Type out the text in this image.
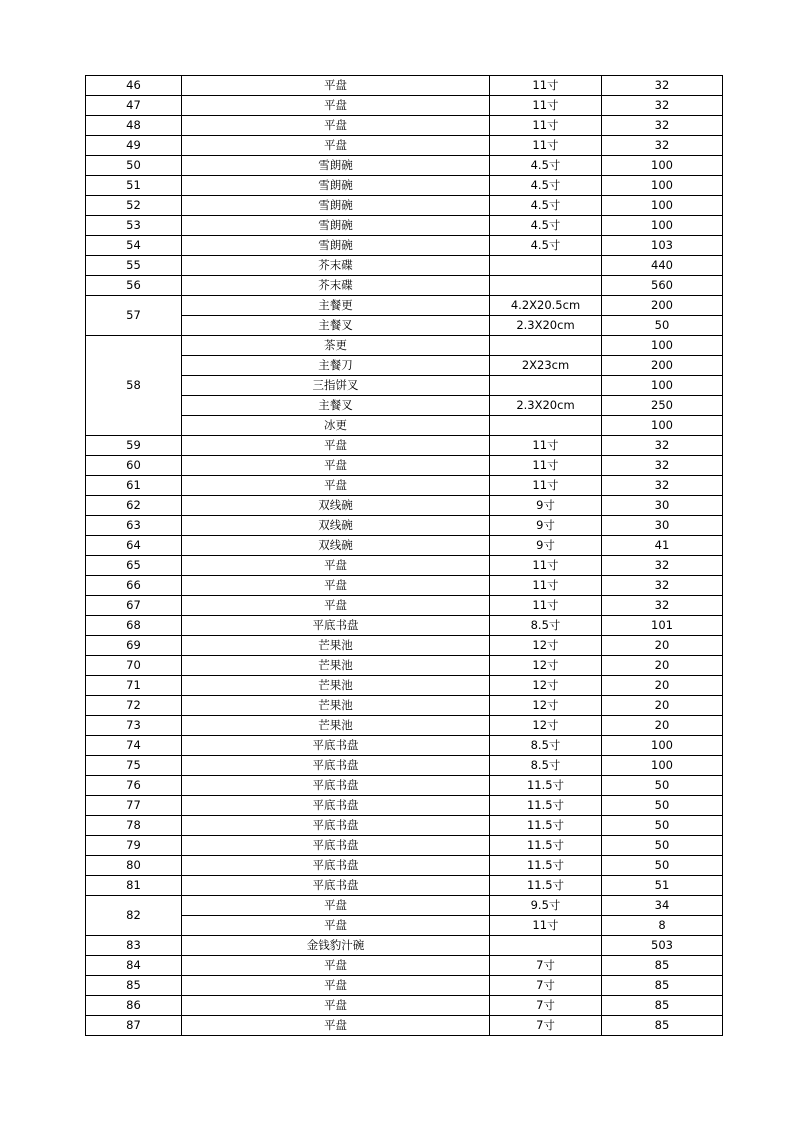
46	平盘	11寸	32
47	平盘	11寸	32
48	平盘	11寸	32
49	平盘	11寸	32
50	雪朗碗	4.5寸	100
51	雪朗碗	4.5寸	100
52	雪朗碗	4.5寸	100
53	雪朗碗	4.5寸	100
54	雪朗碗	4.5寸	103
55	芥末碟		440
56	芥末碟		560
57	主餐更	4.2X20.5cm	200
	主餐叉	2.3X20cm	50
58	茶更		100
	主餐刀	2X23cm	200
	三指饼叉		100
	主餐叉	2.3X20cm	250
	冰更		100
59	平盘	11寸	32
60	平盘	11寸	32
61	平盘	11寸	32
62	双线碗	9寸	30
63	双线碗	9寸	30
64	双线碗	9寸	41
65	平盘	11寸	32
66	平盘	11寸	32
67	平盘	11寸	32
68	平底书盘	8.5寸	101
69	芒果池	12寸	20
70	芒果池	12寸	20
71	芒果池	12寸	20
72	芒果池	12寸	20
73	芒果池	12寸	20
74	平底书盘	8.5寸	100
75	平底书盘	8.5寸	100
76	平底书盘	11.5寸	50
77	平底书盘	11.5寸	50
78	平底书盘	11.5寸	50
79	平底书盘	11.5寸	50
80	平底书盘	11.5寸	50
81	平底书盘	11.5寸	51
82	平盘	9.5寸	34
	平盘	11寸	8
83	金钱豹汁碗		503
84	平盘	7寸	85
85	平盘	7寸	85
86	平盘	7寸	85
87	平盘	7寸	85
